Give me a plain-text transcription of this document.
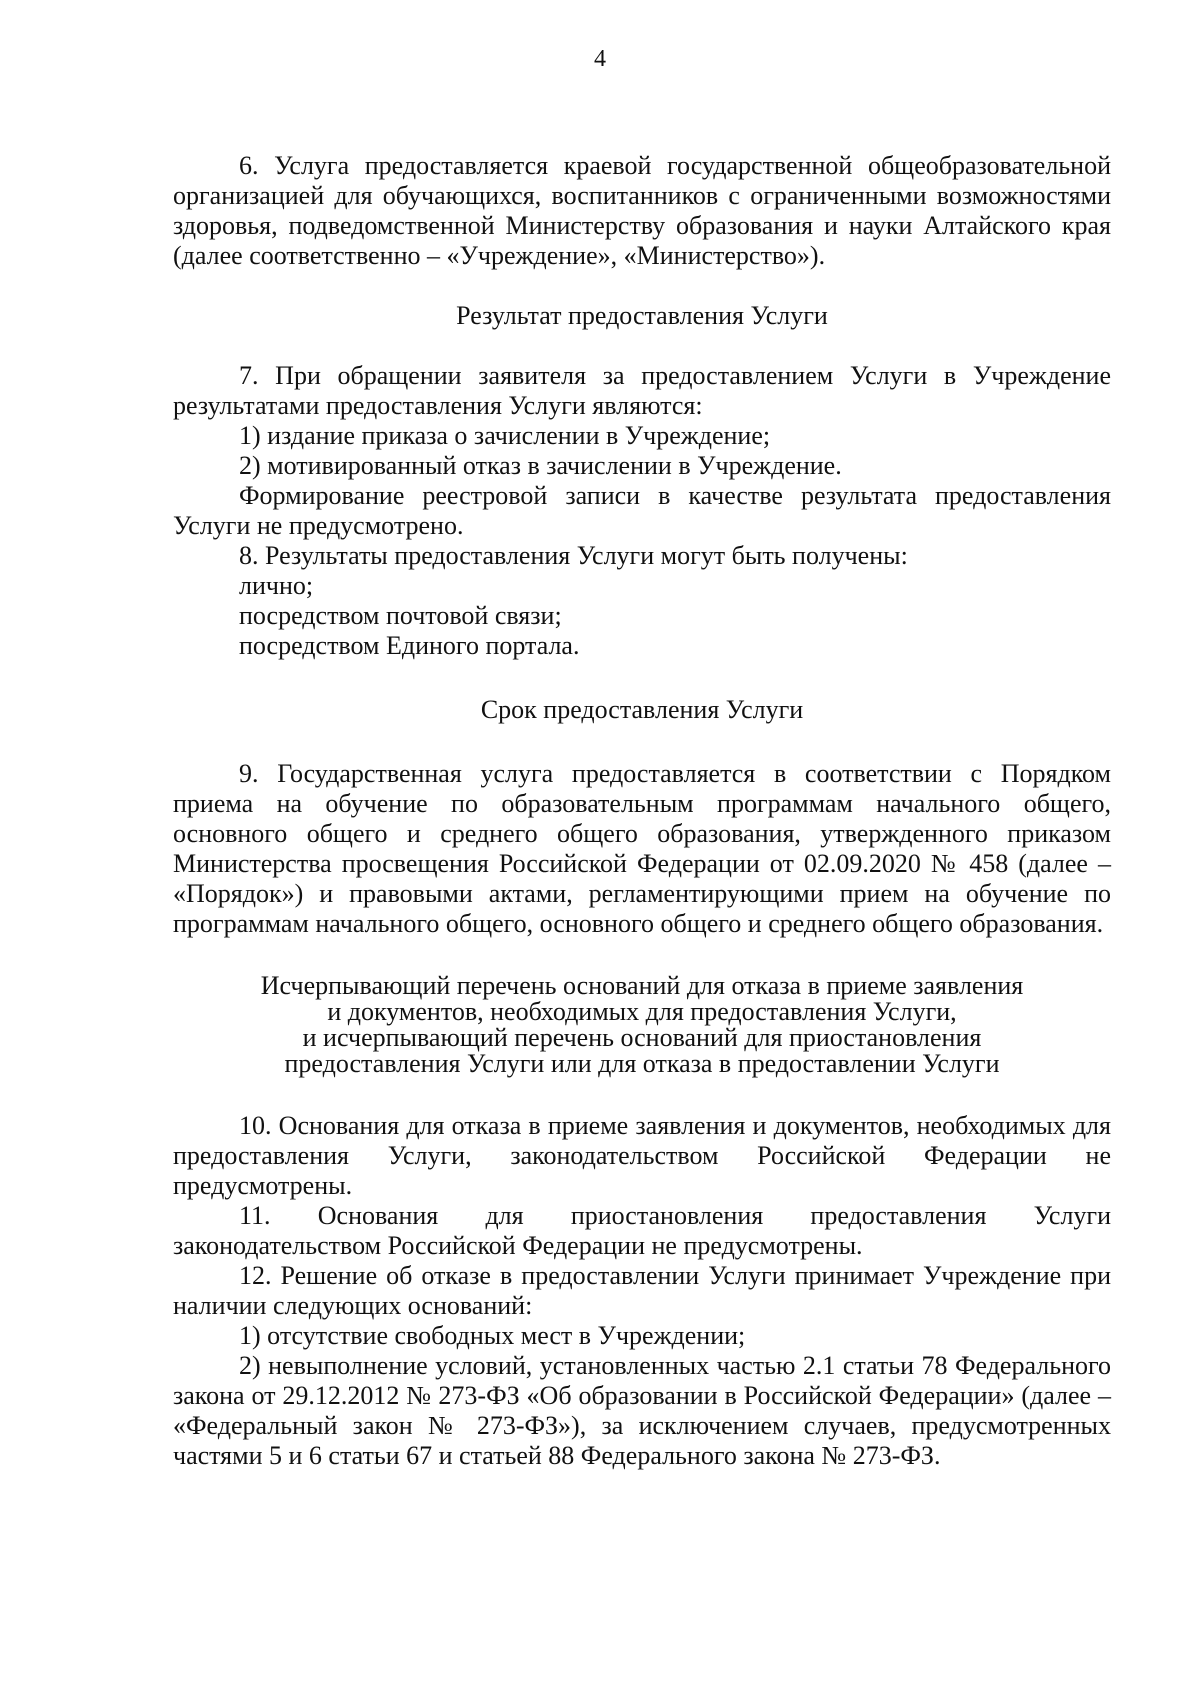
4

6. Услуга предоставляется краевой государственной общеобразовательной организацией для обучающихся, воспитанников с ограниченными возможностями здоровья, подведомственной Министерству образования и науки Алтайского края (далее соответственно – «Учреждение», «Министерство»).

Результат предоставления Услуги

7. При обращении заявителя за предоставлением Услуги в Учреждение результатами предоставления Услуги являются:

1) издание приказа о зачислении в Учреждение;

2) мотивированный отказ в зачислении в Учреждение.

Формирование реестровой записи в качестве результата предоставления Услуги не предусмотрено.

8. Результаты предоставления Услуги могут быть получены:

лично;

посредством почтовой связи;

посредством Единого портала.

Срок предоставления Услуги

9. Государственная услуга предоставляется в соответствии с Порядком приема на обучение по образовательным программам начального общего, основного общего и среднего общего образования, утвержденного приказом Министерства просвещения Российской Федерации от 02.09.2020 № 458 (далее – «Порядок») и правовыми актами, регламентирующими прием на обучение по программам начального общего, основного общего и среднего общего образования.

Исчерпывающий перечень оснований для отказа в приеме заявления
и документов, необходимых для предоставления Услуги,
и исчерпывающий перечень оснований для приостановления
предоставления Услуги или для отказа в предоставлении Услуги

10. Основания для отказа в приеме заявления и документов, необходимых для предоставления Услуги, законодательством Российской Федерации не предусмотрены.

11. Основания для приостановления предоставления Услуги законодательством Российской Федерации не предусмотрены.

12. Решение об отказе в предоставлении Услуги принимает Учреждение при наличии следующих оснований:

1) отсутствие свободных мест в Учреждении;

2) невыполнение условий, установленных частью 2.1 статьи 78 Федерального закона от 29.12.2012 № 273-ФЗ «Об образовании в Российской Федерации» (далее – «Федеральный закон № 273-ФЗ»), за исключением случаев, предусмотренных частями 5 и 6 статьи 67 и статьей 88 Федерального закона № 273-ФЗ.
